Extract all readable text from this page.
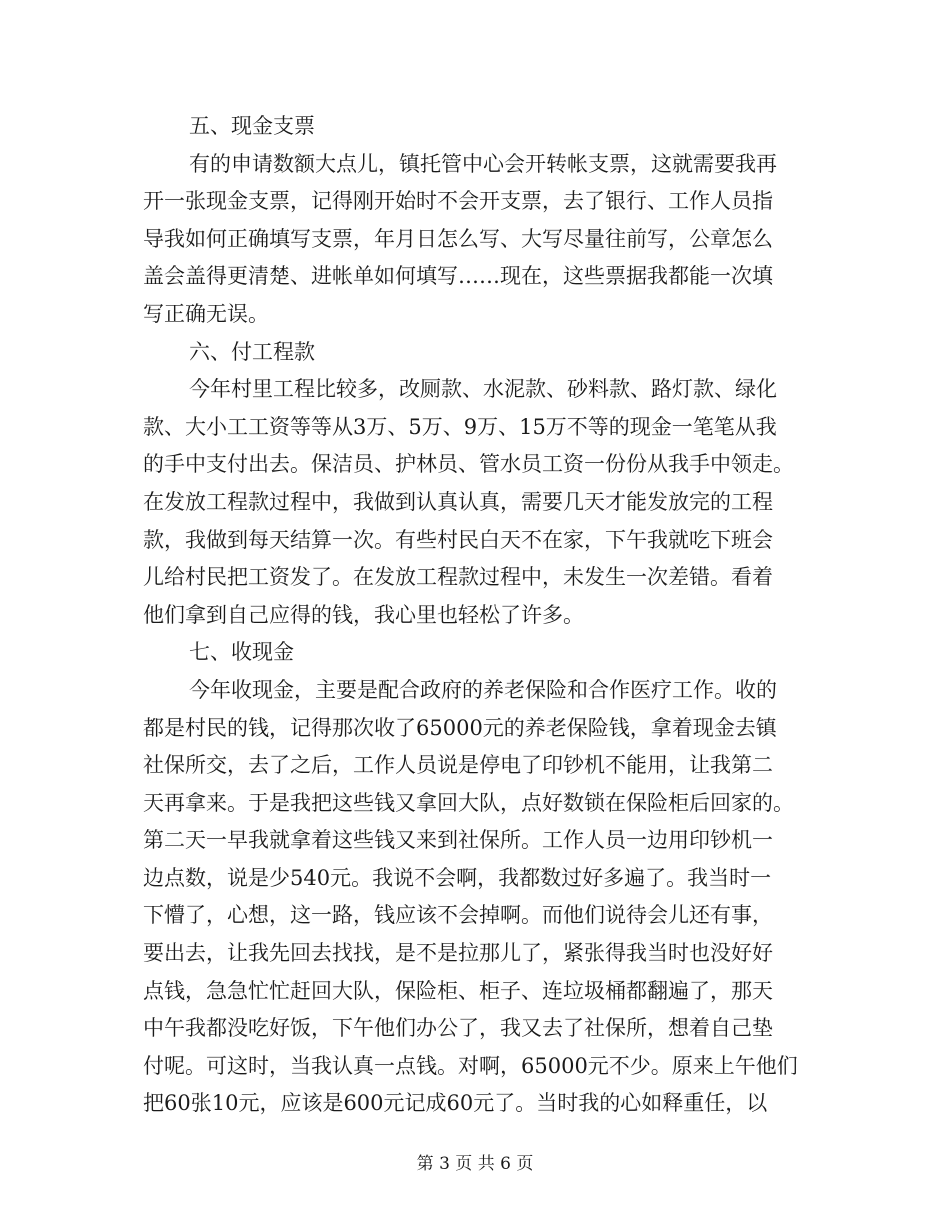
五、现金支票
有的申请数额大点儿，镇托管中心会开转帐支票，这就需要我再
开一张现金支票，记得刚开始时不会开支票，去了银行、工作人员指
导我如何正确填写支票，年月日怎么写、大写尽量往前写，公章怎么
盖会盖得更清楚、进帐单如何填写……现在，这些票据我都能一次填
写正确无误。
六、付工程款
今年村里工程比较多，改厕款、水泥款、砂料款、路灯款、绿化
款、大小工工资等等从3万、5万、9万、15万不等的现金一笔笔从我
的手中支付出去。保洁员、护林员、管水员工资一份份从我手中领走。
在发放工程款过程中，我做到认真认真，需要几天才能发放完的工程
款，我做到每天结算一次。有些村民白天不在家，下午我就吃下班会
儿给村民把工资发了。在发放工程款过程中，未发生一次差错。看着
他们拿到自己应得的钱，我心里也轻松了许多。
七、收现金
今年收现金，主要是配合政府的养老保险和合作医疗工作。收的
都是村民的钱，记得那次收了65000元的养老保险钱，拿着现金去镇
社保所交，去了之后，工作人员说是停电了印钞机不能用，让我第二
天再拿来。于是我把这些钱又拿回大队，点好数锁在保险柜后回家的。
第二天一早我就拿着这些钱又来到社保所。工作人员一边用印钞机一
边点数，说是少540元。我说不会啊，我都数过好多遍了。我当时一
下懵了，心想，这一路，钱应该不会掉啊。而他们说待会儿还有事，
要出去，让我先回去找找，是不是拉那儿了，紧张得我当时也没好好
点钱，急急忙忙赶回大队，保险柜、柜子、连垃圾桶都翻遍了，那天
中午我都没吃好饭，下午他们办公了，我又去了社保所，想着自己垫
付呢。可这时，当我认真一点钱。对啊，65000元不少。原来上午他们
把60张10元，应该是600元记成60元了。当时我的心如释重任，以
第 3 页 共 6 页
